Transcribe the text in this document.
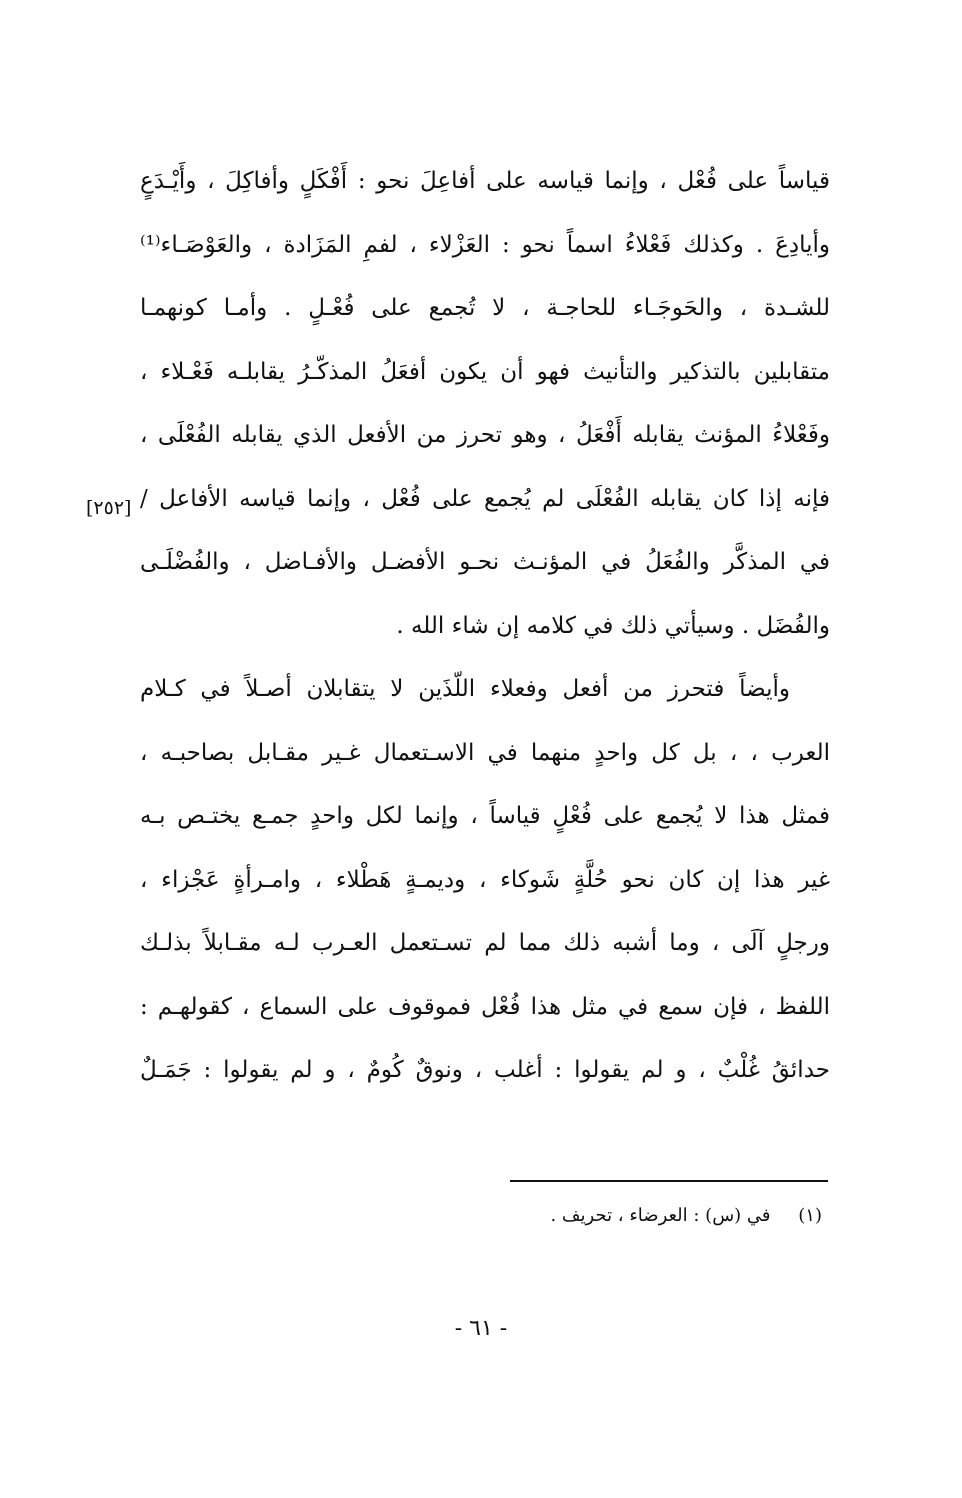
قياساً على فُعْل ، وإنما قياسه على أفاعِلَ نحو : أَفْكَلٍ وأفاكِلَ ، وأَيْـدَعٍ
وأيادِعَ . وكذلك فَعْلاءُ اسماً نحو : العَزْلاء ، لفمِ المَزَادة ، والعَوْصَـاء⁽¹⁾
للشـدة ، والحَوجَـاء للحاجـة ، لا تُجمع على فُعْـلٍ . وأمـا كونهمـا
متقابلين بالتذكير والتأنيث فهو أن يكون أفعَلُ المذكّـرُ يقابلـه فَعْـلاء ،
وفَعْلاءُ المؤنث يقابله أَفْعَلُ ، وهو تحرز من الأفعل الذي يقابله الفُعْلَى ،
فإنه إذا كان يقابله الفُعْلَى لم يُجمع على فُعْل ، وإنما قياسه الأفاعل /
في المذكَّر والفُعَلُ في المؤنـث نحـو الأفضـل والأفـاضل ، والفُضْلَـى
والفُضَل . وسيأتي ذلك في كلامه إن شاء الله .
وأيضاً فتحرز من أفعل وفعلاء اللّذَين لا يتقابلان أصـلاً في كـلام
العرب ، ، بل كل واحدٍ منهما في الاسـتعمال غـير مقـابل بصاحبـه ،
فمثل هذا لا يُجمع على فُعْلٍ قياساً ، وإنما لكل واحدٍ جمـع يختـص بـه
غير هذا إن كان نحو حُلَّةٍ شَوكاء ، وديمـةٍ هَطْلاء ، وامـرأةٍ عَجْزاء ،
ورجلٍ آلَى ، وما أشبه ذلك مما لم تسـتعمل العـرب لـه مقـابلاً بذلـك
اللفظ ، فإن سمع في مثل هذا فُعْل فموقوف على السماع ، كقولهـم :
حدائقُ غُلْبٌ ، و لم يقولوا : أغلب ، ونوقٌ كُومٌ ، و لم يقولوا : جَمَـلٌ
[٢٥٢]
(١) في (س) : العرضاء ، تحريف .
- ٦١ -
